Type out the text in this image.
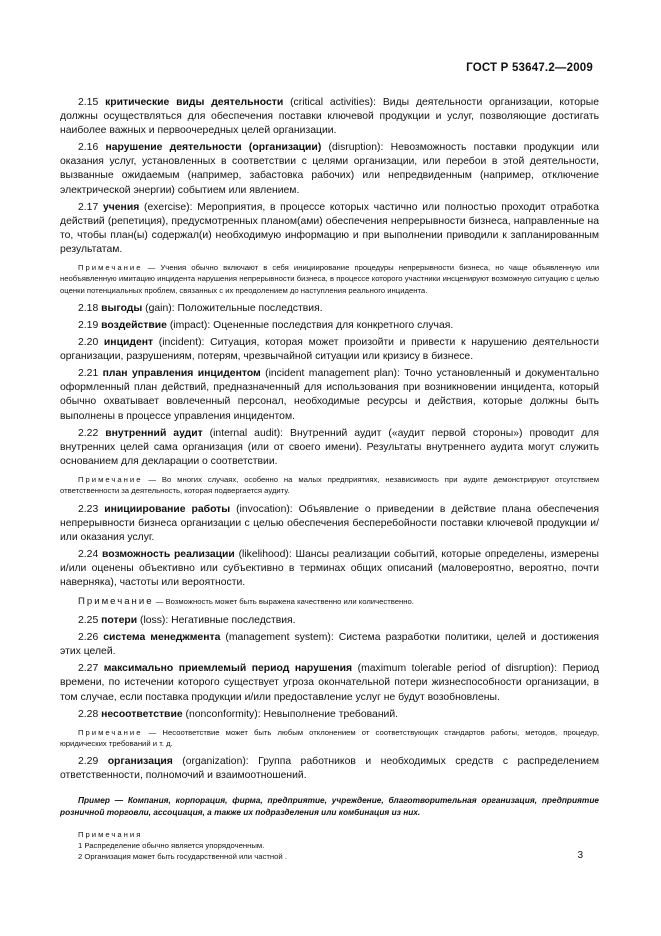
ГОСТ Р 53647.2—2009

2.15 критические виды деятельности (critical activities): Виды деятельности организации, которые должны осуществляться для обеспечения поставки ключевой продукции и услуг, позволяющие достигать наиболее важных и первоочередных целей организации.

2.16 нарушение деятельности (организации) (disruption): Невозможность поставки продукции или оказания услуг, установленных в соответствии с целями организации, или перебои в этой деятельности, вызванные ожидаемым (например, забастовка рабочих) или непредвиденным (например, отключение электрической энергии) событием или явлением.

2.17 учения (exercise): Мероприятия, в процессе которых частично или полностью проходит отработка действий (репетиция), предусмотренных планом(ами) обеспечения непрерывности бизнеса, направленные на то, чтобы план(ы) содержал(и) необходимую информацию и при выполнении приводили к запланированным результатам.

Примечание — Учения обычно включают в себя инициирование процедуры непрерывности бизнеса, но чаще объявленную или необъявленную имитацию инцидента нарушения непрерывности бизнеса, в процессе которого участники инсценируют возможную ситуацию с целью оценки потенциальных проблем, связанных с их преодолением до наступления реального инцидента.

2.18 выгоды (gain): Положительные последствия.

2.19 воздействие (impact): Оцененные последствия для конкретного случая.

2.20 инцидент (incident): Ситуация, которая может произойти и привести к нарушению деятельности организации, разрушениям, потерям, чрезвычайной ситуации или кризису в бизнесе.

2.21 план управления инцидентом (incident management plan): Точно установленный и документально оформленный план действий, предназначенный для использования при возникновении инцидента, который обычно охватывает вовлеченный персонал, необходимые ресурсы и действия, которые должны быть выполнены в процессе управления инцидентом.

2.22 внутренний аудит (internal audit): Внутренний аудит («аудит первой стороны») проводит для внутренних целей сама организация (или от своего имени). Результаты внутреннего аудита могут служить основанием для декларации о соответствии.

Примечание — Во многих случаях, особенно на малых предприятиях, независимость при аудите демонстрируют отсутствием ответственности за деятельность, которая подвергается аудиту.

2.23 инициирование работы (invocation): Объявление о приведении в действие плана обеспечения непрерывности бизнеса организации с целью обеспечения бесперебойности поставки ключевой продукции и/или оказания услуг.

2.24 возможность реализации (likelihood): Шансы реализации событий, которые определены, измерены и/или оценены объективно или субъективно в терминах общих описаний (маловероятно, вероятно, почти наверняка), частоты или вероятности.

Примечание — Возможность может быть выражена качественно или количественно.

2.25 потери (loss): Негативные последствия.

2.26 система менеджмента (management system): Система разработки политики, целей и достижения этих целей.

2.27 максимально приемлемый период нарушения (maximum tolerable period of disruption): Период времени, по истечении которого существует угроза окончательной потери жизнеспособности организации, в том случае, если поставка продукции и/или предоставление услуг не будут возобновлены.

2.28 несоответствие (nonconformity): Невыполнение требований.

Примечание — Несоответствие может быть любым отклонением от соответствующих стандартов работы, методов, процедур, юридических требований и т. д.

2.29 организация (organization): Группа работников и необходимых средств с распределением ответственности, полномочий и взаимоотношений.

Пример — Компания, корпорация, фирма, предприятие, учреждение, благотворительная организация, предприятие розничной торговли, ассоциация, а также их подразделения или комбинация из них.

Примечания
1 Распределение обычно является упорядоченным.
2 Организация может быть государственной или частной .	3
